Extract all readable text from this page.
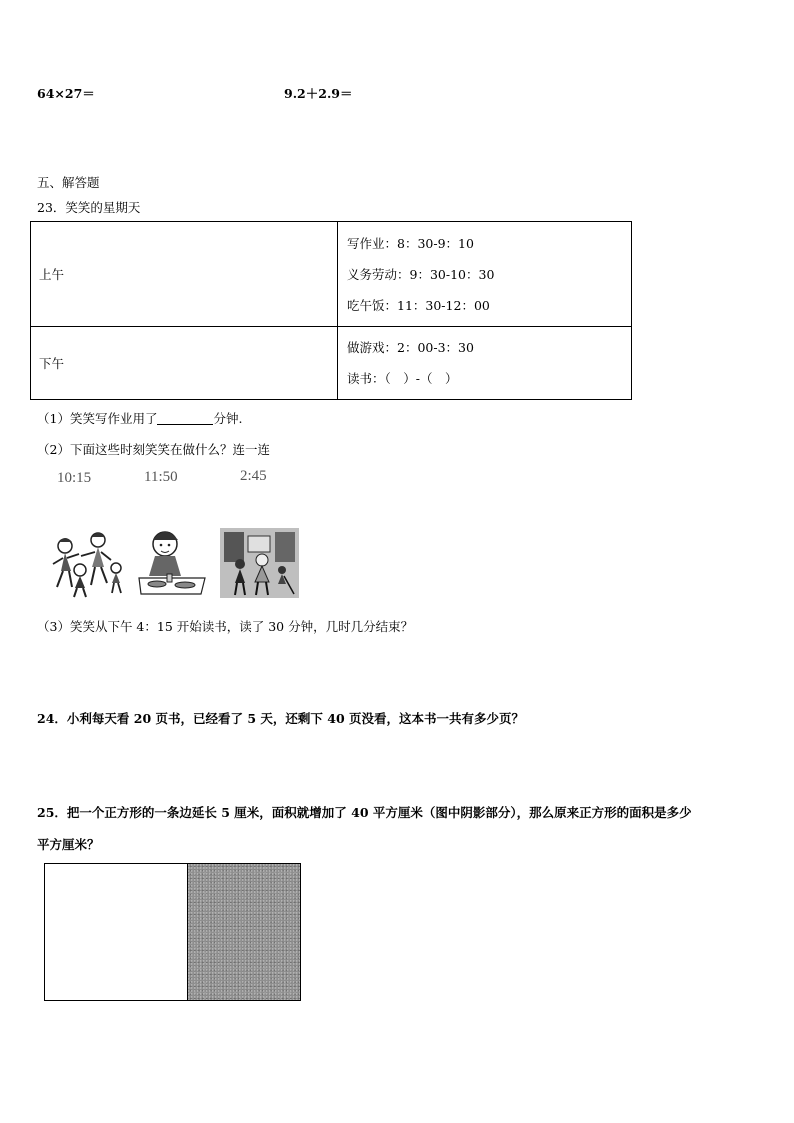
64×27＝	9.2＋2.9＝
五、解答题
23．笑笑的星期天
上午	写作业：8：30-9：10
义务劳动：9：30-10：30
吃午饭：11：30-12：00

下午	做游戏：2：00-3：30
读书：（　）-（　）
（1）笑笑写作业用了	分钟.
（2）下面这些时刻笑笑在做什么？连一连
10:15	11:50	2:45
（3）笑笑从下午 4：15 开始读书，读了 30 分钟，几时几分结束？
24．小利每天看 20 页书，已经看了 5 天，还剩下 40 页没看，这本书一共有多少页？
25．把一个正方形的一条边延长 5 厘米，面积就增加了 40 平方厘米（图中阴影部分），那么原来正方形的面积是多少
平方厘米？
